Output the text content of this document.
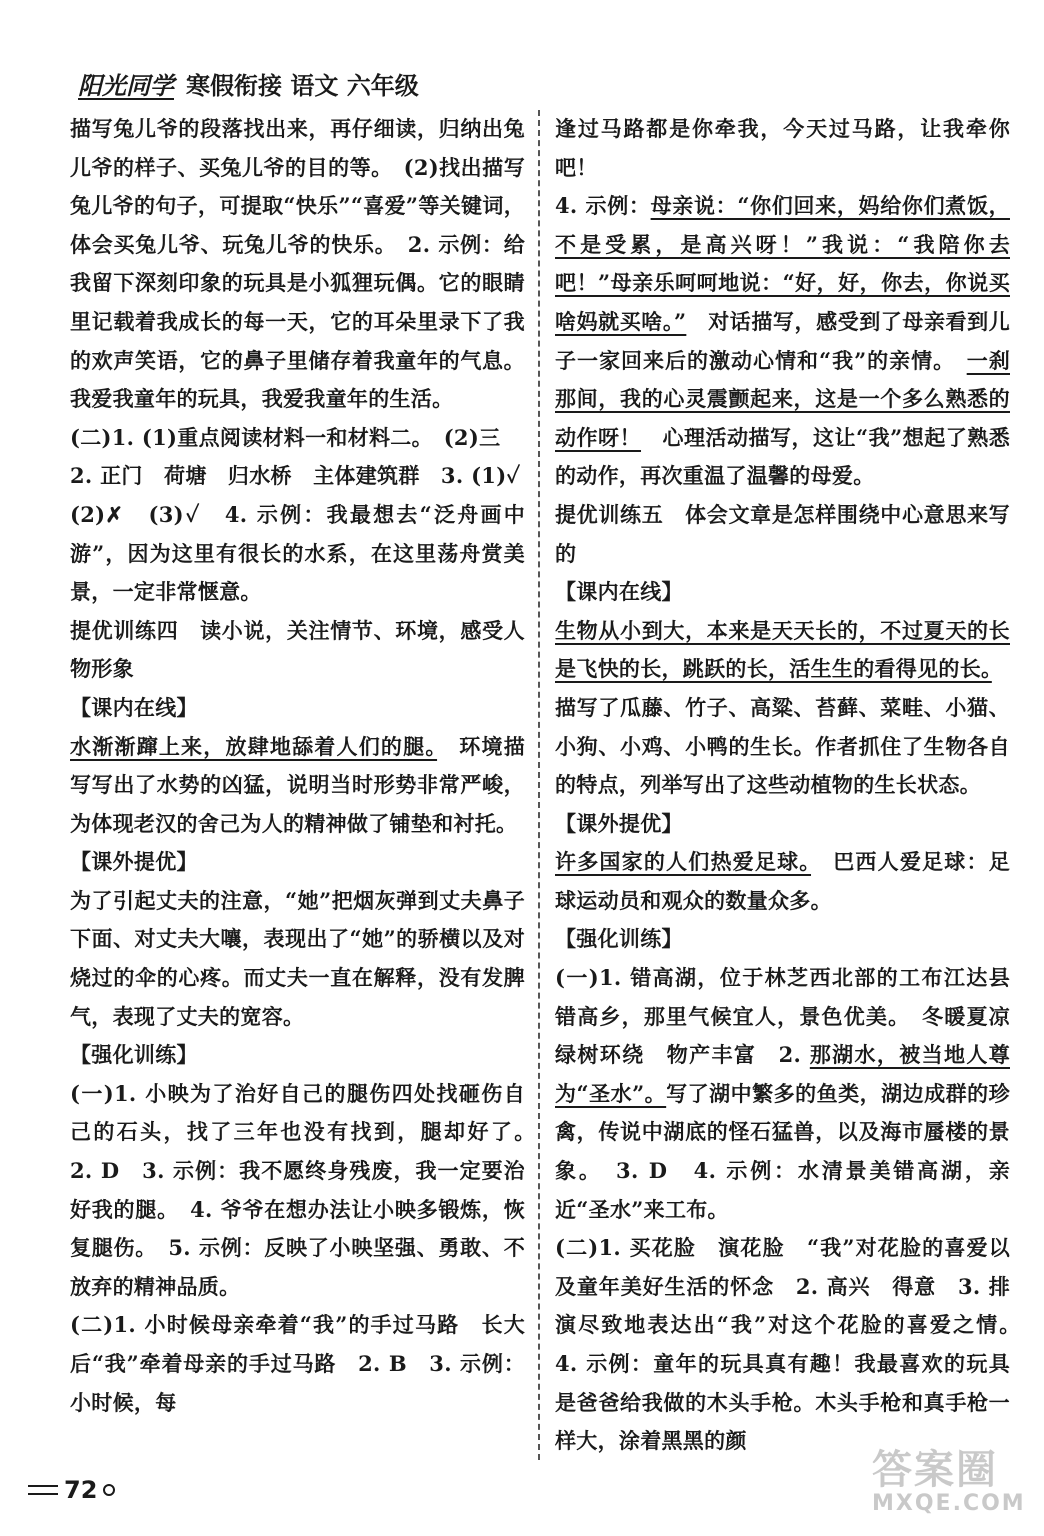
阳光同学 寒假衔接 语文 六年级

描写兔儿爷的段落找出来，再仔细读，归纳出兔儿爷的样子、买兔儿爷的目的等。　(2)找出描写兔儿爷的句子，可提取“快乐”“喜爱”等关键词，体会买兔儿爷、玩兔儿爷的快乐。　2. 示例：给我留下深刻印象的玩具是小狐狸玩偶。它的眼睛里记载着我成长的每一天，它的耳朵里录下了我的欢声笑语，它的鼻子里储存着我童年的气息。我爱我童年的玩具，我爱我童年的生活。

(二)1. (1)重点阅读材料一和材料二。　(2)三

2. 正门　荷塘　归水桥　主体建筑群　3. (1)✓

(2)✗　(3)✓　4. 示例：我最想去“泛舟画中游”，因为这里有很长的水系，在这里荡舟赏美景，一定非常惬意。

提优训练四　读小说，关注情节、环境，感受人物形象

【课内在线】

水渐渐蹿上来，放肆地舔着人们的腿。　环境描写写出了水势的凶猛，说明当时形势非常严峻，为体现老汉的舍己为人的精神做了铺垫和衬托。

【课外提优】

为了引起丈夫的注意，“她”把烟灰弹到丈夫鼻子下面、对丈夫大嚷，表现出了“她”的骄横以及对烧过的伞的心疼。而丈夫一直在解释，没有发脾气，表现了丈夫的宽容。

【强化训练】

(一)1. 小映为了治好自己的腿伤四处找砸伤自己的石头，找了三年也没有找到，腿却好了。　2. D　3. 示例：我不愿终身残废，我一定要治好我的腿。　4. 爷爷在想办法让小映多锻炼，恢复腿伤。　5. 示例：反映了小映坚强、勇敢、不放弃的精神品质。

(二)1. 小时候母亲牵着“我”的手过马路　长大后“我”牵着母亲的手过马路　2. B　3. 示例：小时候，每

逢过马路都是你牵我，今天过马路，让我牵你吧！

4. 示例：母亲说：“你们回来，妈给你们煮饭，不是受累，是高兴呀！”我说：“我陪你去吧！”母亲乐呵呵地说：“好，好，你去，你说买啥妈就买啥。”　对话描写，感受到了母亲看到儿子一家回来后的激动心情和“我”的亲情。　一刹那间，我的心灵震颤起来，这是一个多么熟悉的动作呀！　心理活动描写，这让“我”想起了熟悉的动作，再次重温了温馨的母爱。

提优训练五　体会文章是怎样围绕中心意思来写的

【课内在线】

生物从小到大，本来是天天长的，不过夏天的长是飞快的长，跳跃的长，活生生的看得见的长。　描写了瓜藤、竹子、高粱、苔藓、菜畦、小猫、小狗、小鸡、小鸭的生长。作者抓住了生物各自的特点，列举写出了这些动植物的生长状态。

【课外提优】

许多国家的人们热爱足球。　巴西人爱足球：足球运动员和观众的数量众多。

【强化训练】

(一)1. 错高湖，位于林芝西北部的工布江达县错高乡，那里气候宜人，景色优美。　冬暖夏凉　绿树环绕　物产丰富　2. 那湖水，被当地人尊为“圣水”。写了湖中繁多的鱼类，湖边成群的珍禽，传说中湖底的怪石猛兽，以及海市蜃楼的景象。　3. D　4. 示例：水清景美错高湖，亲近“圣水”来工布。

(二)1. 买花脸　演花脸　“我”对花脸的喜爱以及童年美好生活的怀念　2. 高兴　得意　3. 排演尽致地表达出“我”对这个花脸的喜爱之情。　4. 示例：童年的玩具真有趣！我最喜欢的玩具是爸爸给我做的木头手枪。木头手枪和真手枪一样大，涂着黑黑的颜

72	答案圈
MXQE.COM
